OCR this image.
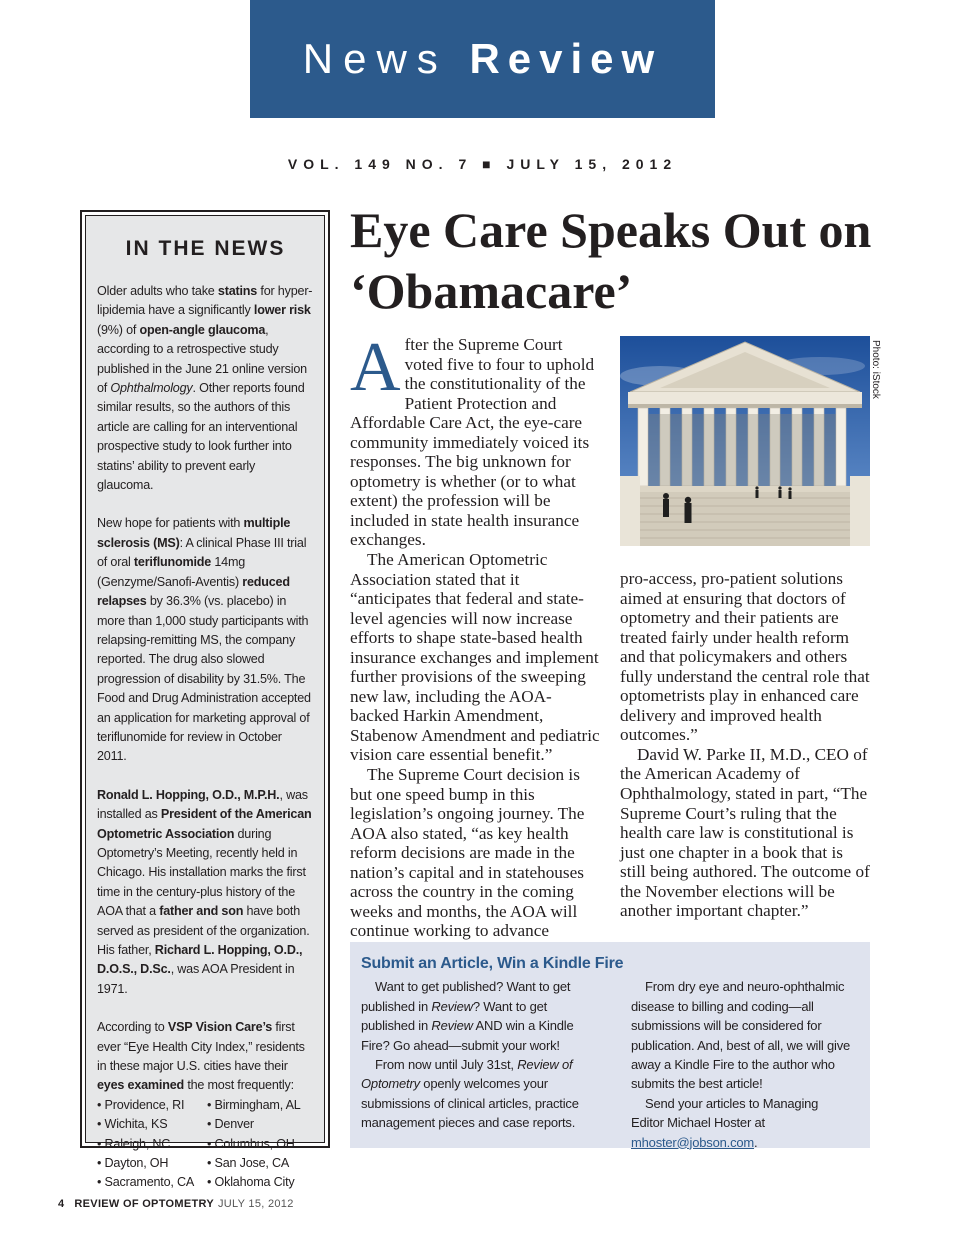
News Review
VOL. 149 NO. 7 ■ JULY 15, 2012
IN THE NEWS

Older adults who take statins for hyper-lipidemia have a significantly lower risk (9%) of open-angle glaucoma, according to a retrospective study published in the June 21 online version of Ophthalmology. Other reports found similar results, so the authors of this article are calling for an interventional prospective study to look further into statins’ ability to prevent early glaucoma.

New hope for patients with multiple sclerosis (MS): A clinical Phase III trial of oral teriflunomide 14mg (Genzyme/Sanofi-Aventis) reduced relapses by 36.3% (vs. placebo) in more than 1,000 study participants with relapsing-remitting MS, the company reported. The drug also slowed progression of disability by 31.5%. The Food and Drug Administration accepted an application for marketing approval of teriflunomide for review in October 2011.

Ronald L. Hopping, O.D., M.P.H., was installed as President of the American Optometric Association during Optometry’s Meeting, recently held in Chicago. His installation marks the first time in the century-plus history of the AOA that a father and son have both served as president of the organization. His father, Richard L. Hopping, O.D., D.O.S., D.Sc., was AOA President in 1971.

According to VSP Vision Care’s first ever “Eye Health City Index,” residents in these major U.S. cities have their eyes examined the most frequently:

• Providence, RI	• Birmingham, AL
• Wichita, KS	• Denver
• Raleigh, NC	• Columbus, OH
• Dayton, OH	• San Jose, CA
• Sacramento, CA	• Oklahoma City
Eye Care Speaks Out on ‘Obamacare’

After the Supreme Court voted five to four to uphold the constitutionality of the Patient Protection and Affordable Care Act, the eye-care community immediately voiced its responses. The big unknown for optometry is whether (or to what extent) the profession will be included in state health insurance exchanges.

The American Optometric Association stated that it “anticipates that federal and state-level agencies will now increase efforts to shape state-based health insurance exchanges and implement further provisions of the sweeping new law, including the AOA-backed Harkin Amendment, Stabenow Amendment and pediatric vision care essential benefit.”

The Supreme Court decision is but one speed bump in this legislation’s ongoing journey. The AOA also stated, “as key health reform decisions are made in the nation’s capital and in statehouses across the country in the coming weeks and months, the AOA will continue working to advance

Photo: iStock

pro-access, pro-patient solutions aimed at ensuring that doctors of optometry and their patients are treated fairly under health reform and that policymakers and others fully understand the central role that optometrists play in enhanced care delivery and improved health outcomes.”

David W. Parke II, M.D., CEO of the American Academy of Ophthalmology, stated in part, “The Supreme Court’s ruling that the health care law is constitutional is just one chapter in a book that is still being authored. The outcome of the November elections will be another important chapter.”

Submit an Article, Win a Kindle Fire

Want to get published? Want to get published in Review? Want to get published in Review AND win a Kindle Fire? Go ahead—submit your work!

From now until July 31st, Review of Optometry openly welcomes your submissions of clinical articles, practice management pieces and case reports.

From dry eye and neuro-ophthalmic disease to billing and coding—all submissions will be considered for publication. And, best of all, we will give away a Kindle Fire to the author who submits the best article!

Send your articles to Managing Editor Michael Hoster at mhoster@jobson.com.

4 REVIEW OF OPTOMETRY JULY 15, 2012
